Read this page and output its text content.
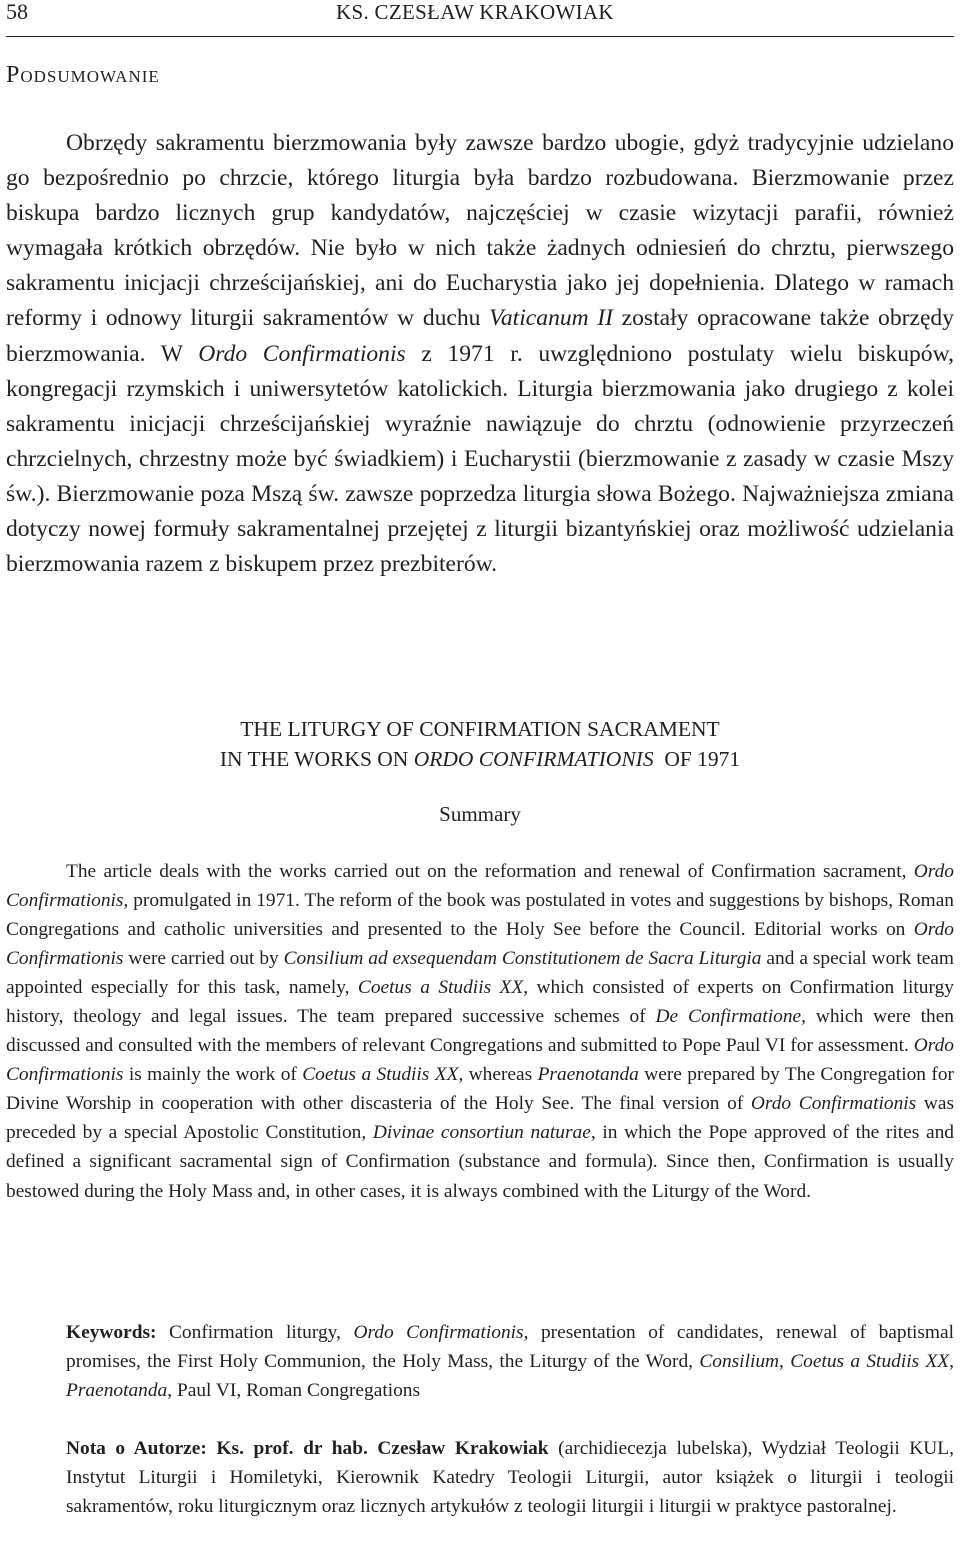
58	KS. CZESŁAW KRAKOWIAK
Podsumowanie

Obrzędy sakramentu bierzmowania były zawsze bardzo ubogie, gdyż tradycyjnie udzielano go bezpośrednio po chrzcie, którego liturgia była bardzo rozbudowana. Bierzmowanie przez biskupa bardzo licznych grup kandydatów, najczęściej w czasie wizytacji parafii, również wymagała krótkich obrzędów. Nie było w nich także żadnych odniesień do chrztu, pierwszego sakramentu inicjacji chrześcijańskiej, ani do Eucharystia jako jej dopełnienia. Dlatego w ramach reformy i odnowy liturgii sakramentów w duchu Vaticanum II zostały opracowane także obrzędy bierzmowania. W Ordo Confirmationis z 1971 r. uwzględniono postulaty wielu biskupów, kongregacji rzymskich i uniwersytetów katolickich. Liturgia bierzmowania jako drugiego z kolei sakramentu inicjacji chrześcijańskiej wyraźnie nawiązuje do chrztu (odnowienie przyrzeczeń chrzcielnych, chrzestny może być świadkiem) i Eucharystii (bierzmowanie z zasady w czasie Mszy św.). Bierzmowanie poza Mszą św. zawsze poprzedza liturgia słowa Bożego. Najważniejsza zmiana dotyczy nowej formuły sakramentalnej przejętej z liturgii bizantyńskiej oraz możliwość udzielania bierzmowania razem z biskupem przez prezbiterów.

THE LITURGY OF CONFIRMATION SACRAMENT
IN THE WORKS ON ORDO CONFIRMATIONIS  OF 1971
Summary

The article deals with the works carried out on the reformation and renewal of Confirmation sacrament, Ordo Confirmationis, promulgated in 1971. The reform of the book was postulated in votes and suggestions by bishops, Roman Congregations and catholic universities and presented to the Holy See before the Council. Editorial works on Ordo Confirmationis were carried out by Consilium ad exsequendam Constitutionem de Sacra Liturgia and a special work team appointed especially for this task, namely, Coetus a Studiis XX, which consisted of experts on Confirmation liturgy history, theology and legal issues. The team prepared successive schemes of De Confirmatione, which were then discussed and consulted with the members of relevant Congregations and submitted to Pope Paul VI for assessment. Ordo Confirmationis is mainly the work of Coetus a Studiis XX, whereas Praenotanda were prepared by The Congregation for Divine Worship in cooperation with other discasteria of the Holy See. The final version of Ordo Confirmationis was preceded by a special Apostolic Constitution, Divinae consortiun naturae, in which the Pope approved of the rites and defined a significant sacramental sign of Confirmation (substance and formula). Since then, Confirmation is usually bestowed during the Holy Mass and, in other cases, it is always combined with the Liturgy of the Word.

Keywords: Confirmation liturgy, Ordo Confirmationis, presentation of candidates, renewal of baptismal promises, the First Holy Communion, the Holy Mass, the Liturgy of the Word, Consilium, Coetus a Studiis XX, Praenotanda, Paul VI, Roman Congregations

Nota o Autorze: Ks. prof. dr hab. Czesław Krakowiak (archidiecezja lubelska), Wydział Teologii KUL, Instytut Liturgii i Homiletyki, Kierownik Katedry Teologii Liturgii, autor książek o liturgii i teologii sakramentów, roku liturgicznym oraz licznych artykułów z teologii liturgii i liturgii w praktyce pastoralnej.
